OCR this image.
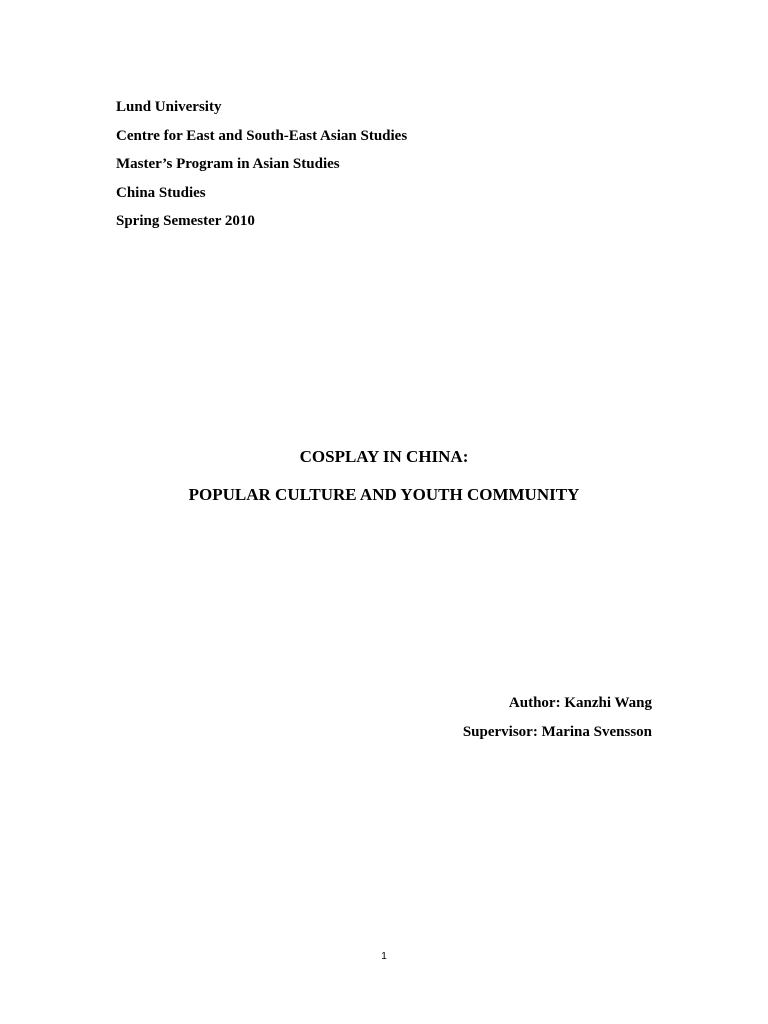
Lund University
Centre for East and South-East Asian Studies
Master’s Program in Asian Studies
China Studies
Spring Semester 2010
COSPLAY IN CHINA:
POPULAR CULTURE AND YOUTH COMMUNITY
Author: Kanzhi Wang
Supervisor: Marina Svensson
1
